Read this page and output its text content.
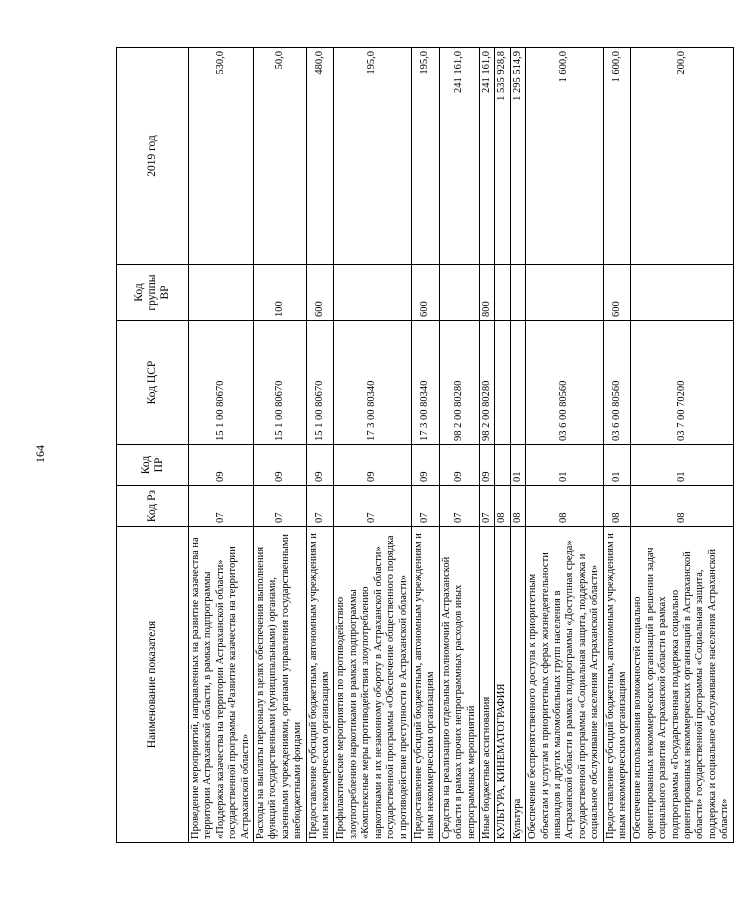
164
Наименование показателя	Код Рз	Код ПР	Код ЦСР	Код группы ВР	2019 год
Проведение мероприятий, направленных на развитие казачества на территории Астраханской области, в рамках подпрограммы «Поддержка казачества на территории Астраханской области» государственной программы «Развитие казачества на территории Астраханской области»	07	09	15 1 00 80670		530,0
Расходы на выплаты персоналу в целях обеспечения выполнения функций государственными (муниципальными) органами, казенными учреждениями, органами управления государственными внебюджетными фондами	07	09	15 1 00 80670	100	50,0
Предоставление субсидий бюджетным, автономным учреждениям и иным некоммерческим организациям	07	09	15 1 00 80670	600	480,0
Профилактические мероприятия по противодействию злоупотреблению наркотиками в рамках подпрограммы «Комплексные меры противодействия злоупотреблению наркотиками и их незаконному обороту в Астраханской области» государственной программы «Обеспечение общественного порядка и противодействие преступности в Астраханской области»	07	09	17 3 00 80340		195,0
Предоставление субсидий бюджетным, автономным учреждениям и иным некоммерческим организациям	07	09	17 3 00 80340	600	195,0
Средства на реализацию отдельных полномочий Астраханской области в рамках прочих непрограммных расходов иных непрограммных мероприятий	07	09	98 2 00 80280		241 161,0
Иные бюджетные ассигнования	07	09	98 2 00 80280	800	241 161,0
КУЛЬТУРА, КИНЕМАТОГРАФИЯ	08				1 535 928,8
Культура	08	01			1 295 514,9
Обеспечение беспрепятственного доступа к приоритетным объектам и услугам в приоритетных сферах жизнедеятельности инвалидов и других маломобильных групп населения в Астраханской области в рамках подпрограммы «Доступная среда» государственной программы «Социальная защита, поддержка и социальное обслуживание населения Астраханской области»	08	01	03 6 00 80560		1 600,0
Предоставление субсидий бюджетным, автономным учреждениям и иным некоммерческим организациям	08	01	03 6 00 80560	600	1 600,0
Обеспечение использования возможностей социально ориентированных некоммерческих организаций в решении задач социального развития Астраханской области в рамках подпрограммы «Государственная поддержка социально ориентированных некоммерческих организаций в Астраханской области» государственной программы «Социальная защита, поддержка и социальное обслуживание населения Астраханской области»	08	01	03 7 00 70200		200,0
